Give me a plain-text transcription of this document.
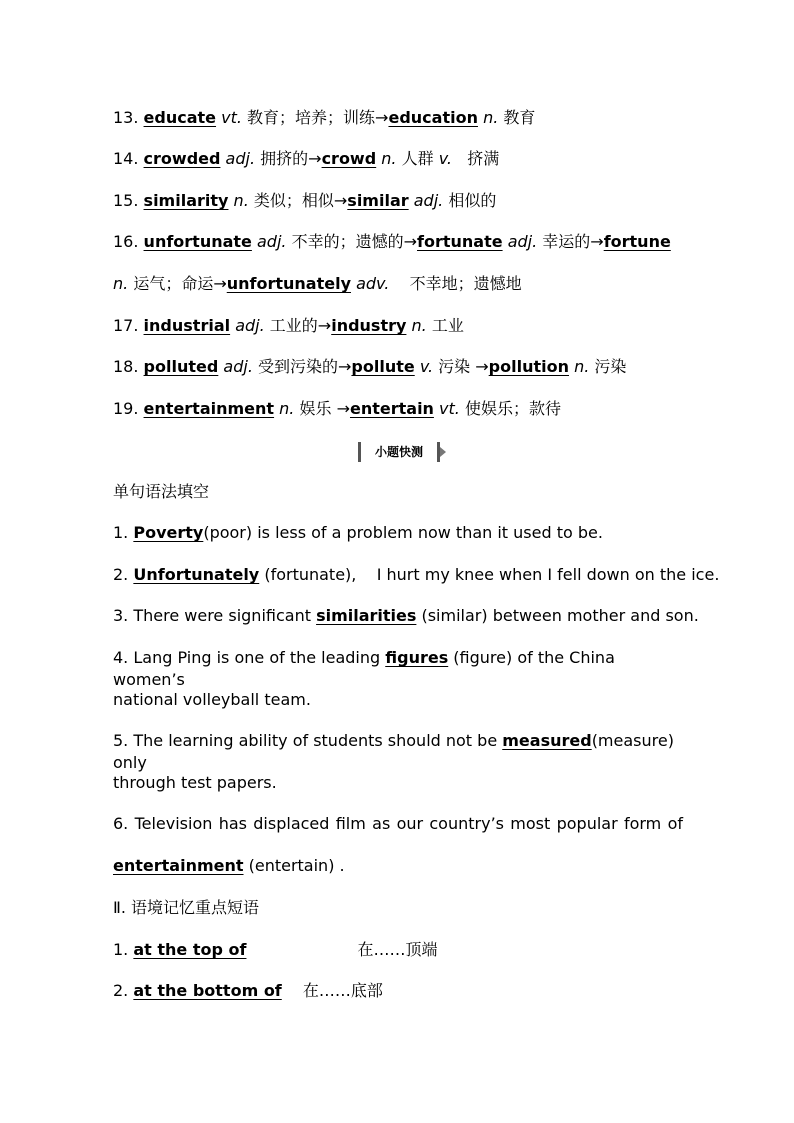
13. educate vt. 教育；培养；训练→education n. 教育
14. crowded adj. 拥挤的→crowd n. 人群 v.   挤满
15. similarity n. 类似；相似→similar adj. 相似的
16. unfortunate adj. 不幸的；遗憾的→fortunate adj. 幸运的→fortune
n. 运气；命运→unfortunately adv.    不幸地；遗憾地
17. industrial adj. 工业的→industry n. 工业
18. polluted adj. 受到污染的→pollute v. 污染 →pollution n. 污染
19. entertainment n. 娱乐 →entertain vt. 使娱乐；款待
小题快测
单句语法填空
1. Poverty(poor) is less of a problem now than it used to be.
2. Unfortunately (fortunate),    I hurt my knee when I fell down on the ice.
3. There were significant similarities (similar) between mother and son.
4. Lang Ping is one of the leading figures (figure) of the China women’s
national volleyball team.
5. The learning ability of students should not be measured(measure) only
through test papers.
6. Television has displaced film as our country’s most popular form of
entertainment (entertain) .
Ⅱ. 语境记忆重点短语
1. at the top of	在……顶端
2. at the bottom of 在……底部
